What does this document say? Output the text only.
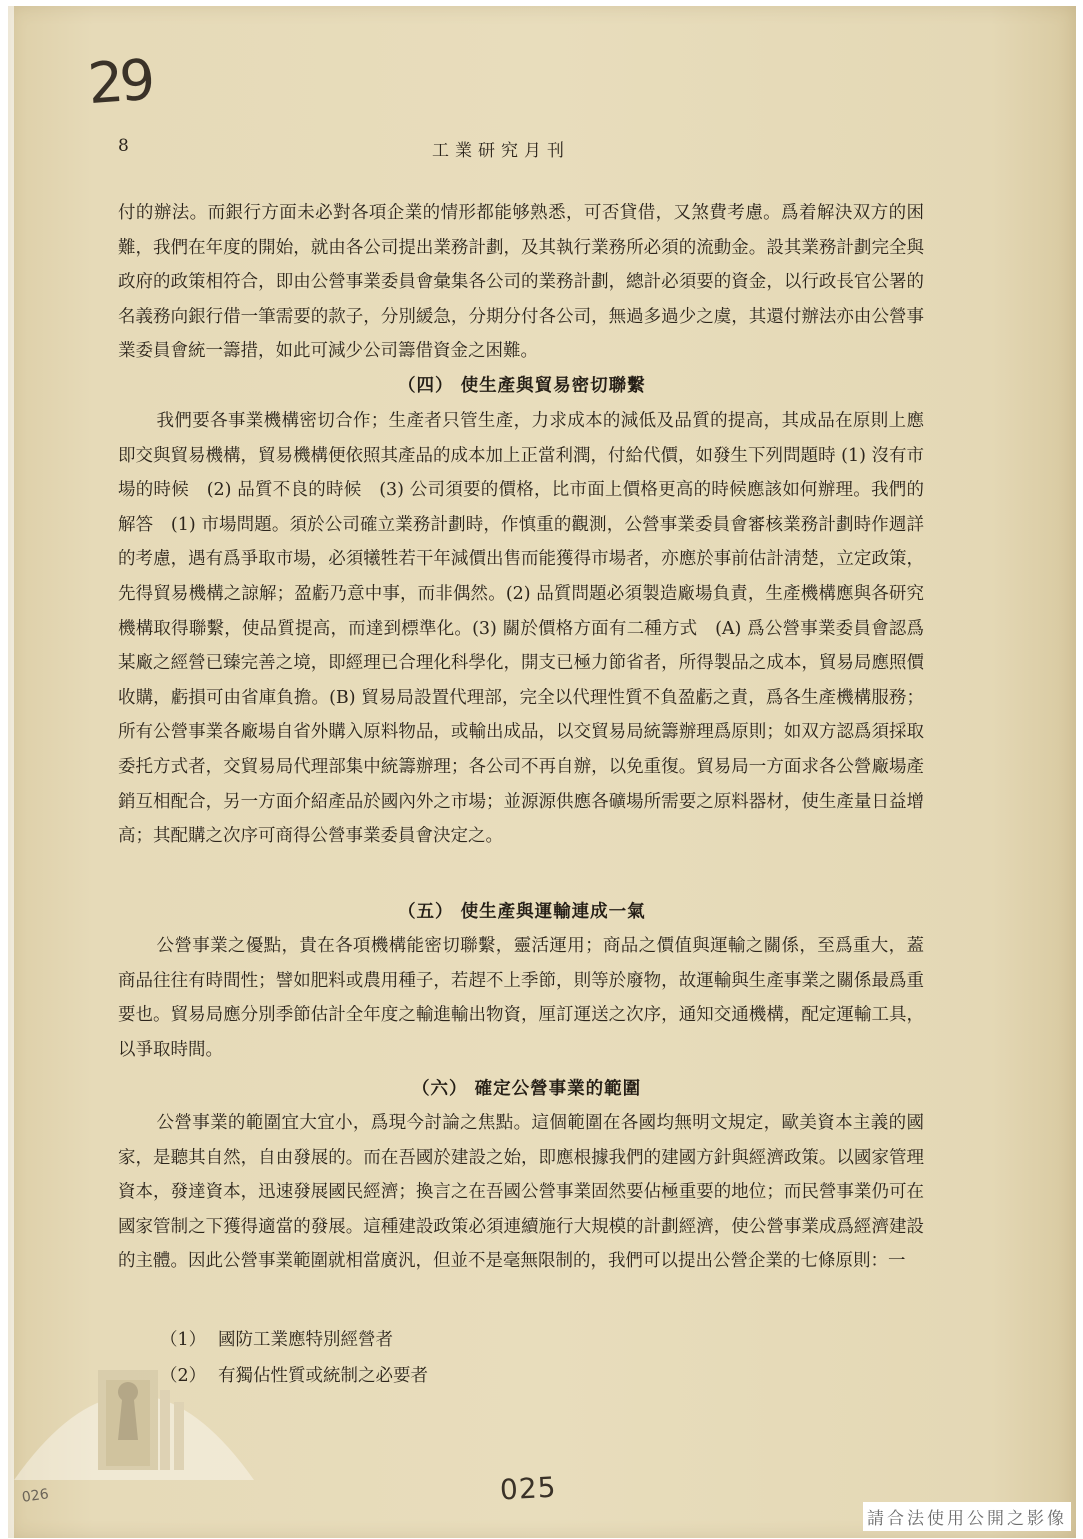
29
8	工業研究月刊

付的辦法。而銀行方面未必對各項企業的情形都能够熟悉，可否貸借，又煞費考慮。爲着解決双方的困難，我們在年度的開始，就由各公司提出業務計劃，及其執行業務所必須的流動金。設其業務計劃完全與政府的政策相符合，即由公營事業委員會彙集各公司的業務計劃，總計必須要的資金，以行政長官公署的名義務向銀行借一筆需要的款子，分別緩急，分期分付各公司，無過多過少之虞，其還付辦法亦由公營事業委員會統一籌措，如此可減少公司籌借資金之困難。

（四） 使生產與貿易密切聯繫

我們要各事業機構密切合作；生產者只管生產，力求成本的減低及品質的提高，其成品在原則上應即交與貿易機構，貿易機構便依照其產品的成本加上正當利潤，付給代價，如發生下列問題時 (1) 沒有市場的時候　(2) 品質不良的時候　(3) 公司須要的價格，比市面上價格更高的時候應該如何辦理。我們的解答　(1) 市場問題。須於公司確立業務計劃時，作慎重的觀測，公營事業委員會審核業務計劃時作週詳的考慮，遇有爲爭取市場，必須犧牲若干年減價出售而能獲得市場者，亦應於事前估計淸楚，立定政策，先得貿易機構之諒解；盈虧乃意中事，而非偶然。(2) 品質問題必須製造廠場負責，生產機構應與各研究機構取得聯繫，使品質提高，而達到標準化。(3) 關於價格方面有二種方式　(A) 爲公營事業委員會認爲某廠之經營已臻完善之境，即經理已合理化科學化，開支已極力節省者，所得製品之成本，貿易局應照價收購，虧損可由省庫負擔。(B) 貿易局設置代理部，完全以代理性質不負盈虧之責，爲各生產機構服務；所有公營事業各廠場自省外購入原料物品，或輸出成品，以交貿易局統籌辦理爲原則；如双方認爲須採取委托方式者，交貿易局代理部集中統籌辦理；各公司不再自辦，以免重復。貿易局一方面求各公營廠場產銷互相配合，另一方面介紹產品於國內外之市場；並源源供應各礦場所需要之原料器材，使生產量日益增高；其配購之次序可商得公營事業委員會決定之。

（五） 使生產與運輸連成一氣

公營事業之優點，貴在各項機構能密切聯繫，靈活運用；商品之價值與運輸之關係，至爲重大，蓋商品往往有時間性；譬如肥料或農用種子，若趕不上季節，則等於廢物，故運輸與生產事業之關係最爲重要也。貿易局應分別季節估計全年度之輸進輸出物資，厘訂運送之次序，通知交通機構，配定運輸工具，以爭取時間。

（六） 確定公營事業的範圍

公營事業的範圍宜大宜小，爲現今討論之焦點。這個範圍在各國均無明文規定，歐美資本主義的國家，是聽其自然，自由發展的。而在吾國於建設之始，即應根據我們的建國方針與經濟政策。以國家管理資本，發達資本，迅速發展國民經濟；換言之在吾國公營事業固然要佔極重要的地位；而民營事業仍可在國家管制之下獲得適當的發展。這種建設政策必須連續施行大規模的計劃經濟，使公營事業成爲經濟建設的主體。因此公營事業範圍就相當廣汎，但並不是毫無限制的，我們可以提出公營企業的七條原則：一

（1） 國防工業應特別經營者
（2） 有獨佔性質或統制之必要者
025
026
請合法使用公開之影像
